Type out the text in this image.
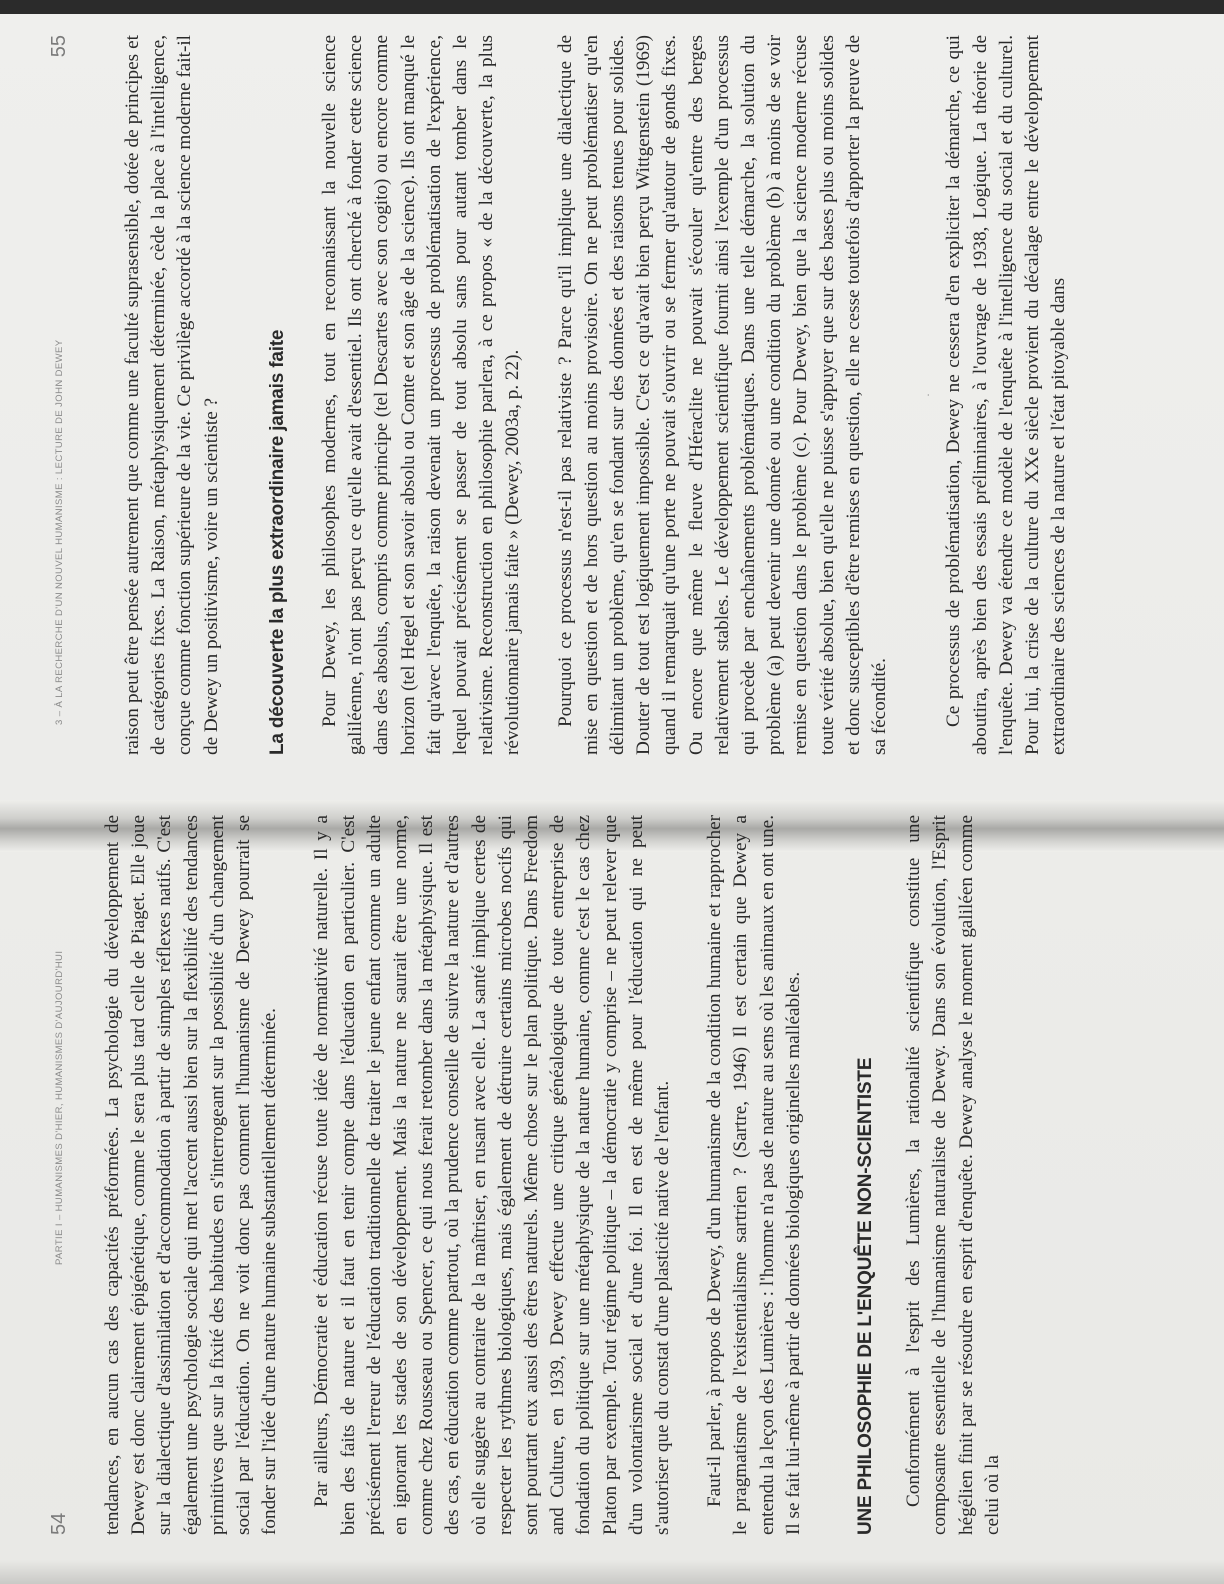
54
PARTIE I – HUMANISMES D'HIER, HUMANISMES D'AUJOURD'HUI tendances, en aucun cas des capacités préformées. La psychologie du développement de Dewey est donc clairement épigénétique, comme le sera plus tard celle de Piaget. Elle joue sur la dialectique d'assimilation et d'accommodation à partir de simples réflexes natifs. C'est également une psychologie sociale qui met l'accent aussi bien sur la flexibilité des tendances primitives que sur la fixité des habitudes en s'interrogeant sur la possibilité d'un changement social par l'éducation. On ne voit donc pas comment l'humanisme de Dewey pourrait se fonder sur l'idée d'une nature humaine substantiellement déterminée. Par ailleurs, Démocratie et éducation récuse toute idée de normativité naturelle. Il y a bien des faits de nature et il faut en tenir compte dans l'éducation en particulier. C'est précisément l'erreur de l'éducation traditionnelle de traiter le jeune enfant comme un adulte en ignorant les stades de son développement. Mais la nature ne saurait être une norme, comme chez Rousseau ou Spencer, ce qui nous ferait retomber dans la métaphysique. Il est des cas, en éducation comme partout, où la prudence conseille de suivre la nature et d'autres où elle suggère au contraire de la maîtriser, en rusant avec elle. La santé implique certes de respecter les rythmes biologiques, mais également de détruire certains microbes nocifs qui sont pourtant eux aussi des êtres naturels. Même chose sur le plan politique. Dans Freedom and Culture, en 1939, Dewey effectue une critique généalogique de toute entreprise de fondation du politique sur une métaphysique de la nature humaine, comme c'est le cas chez Platon par exemple. Tout régime politique – la démocratie y comprise – ne peut relever que d'un volontarisme social et d'une foi. Il en est de même pour l'éducation qui ne peut s'autoriser que du constat d'une plasticité native de l'enfant. Faut-il parler, à propos de Dewey, d'un humanisme de la condition humaine et rapprocher le pragmatisme de l'existentialisme sartrien ? (Sartre, 1946) Il est certain que Dewey a entendu la leçon des Lumières : l'homme n'a pas de nature au sens où les animaux en ont une. Il se fait lui-même à partir de données biologiques originelles malléables.	UNE PHILOSOPHIE DE L'ENQUÊTE NON-SCIENTISTE Conformément à l'esprit des Lumières, la rationalité scientifique constitue une composante essentielle de l'humanisme naturaliste de Dewey. Dans son évolution, l'Esprit hégélien finit par se résoudre en esprit d'enquête. Dewey analyse le moment galiléen comme celui où la

3 – À LA RECHERCHE D'UN NOUVEL HUMANISME : LECTURE DE JOHN DEWEY
55	raison peut être pensée autrement que comme une faculté suprasensible, dotée de principes et de catégories fixes. La Raison, métaphysiquement déterminée, cède la place à l'intelligence, conçue comme fonction supérieure de la vie. Ce privilège accordé à la science moderne fait-il de Dewey un positivisme, voire un scientiste ? La découverte la plus extraordinaire jamais faite Pour Dewey, les philosophes modernes, tout en reconnaissant la nouvelle science galiléenne, n'ont pas perçu ce qu'elle avait d'essentiel. Ils ont cherché à fonder cette science dans des absolus, compris comme principe (tel Descartes avec son cogito) ou encore comme horizon (tel Hegel et son savoir absolu ou Comte et son âge de la science). Ils ont manqué le fait qu'avec l'enquête, la raison devenait un processus de problématisation de l'expérience, lequel pouvait précisément se passer de tout absolu sans pour autant tomber dans le relativisme. Reconstruction en philosophie parlera, à ce propos « de la découverte, la plus révolutionnaire jamais faite » (Dewey, 2003a, p. 22). Pourquoi ce processus n'est-il pas relativiste ? Parce qu'il implique une dialectique de mise en question et de hors question au moins provisoire. On ne peut problématiser qu'en délimitant un problème, qu'en se fondant sur des données et des raisons tenues pour solides. Douter de tout est logiquement impossible. C'est ce qu'avait bien perçu Wittgenstein (1969) quand il remarquait qu'une porte ne pouvait s'ouvrir ou se fermer qu'autour de gonds fixes. Ou encore que même le fleuve d'Héraclite ne pouvait s'écouler qu'entre des berges relativement stables. Le développement scientifique fournit ainsi l'exemple d'un processus qui procède par enchaînements problématiques. Dans une telle démarche, la solution du problème (a) peut devenir une donnée ou une condition du problème (b) à moins de se voir remise en question dans le problème (c). Pour Dewey, bien que la science moderne récuse toute vérité absolue, bien qu'elle ne puisse s'appuyer que sur des bases plus ou moins solides et donc susceptibles d'être remises en question, elle ne cesse toutefois d'apporter la preuve de sa fécondité.

· Ce processus de problématisation, Dewey ne cessera d'en expliciter la démarche, ce qui aboutira, après bien des essais préliminaires, à l'ouvrage de 1938, Logique. La théorie de l'enquête. Dewey va étendre ce modèle de l'enquête à l'intelligence du social et du culturel. Pour lui, la crise de la culture du XXe siècle provient du décalage entre le développement extraordinaire des sciences de la nature et l'état pitoyable dans
